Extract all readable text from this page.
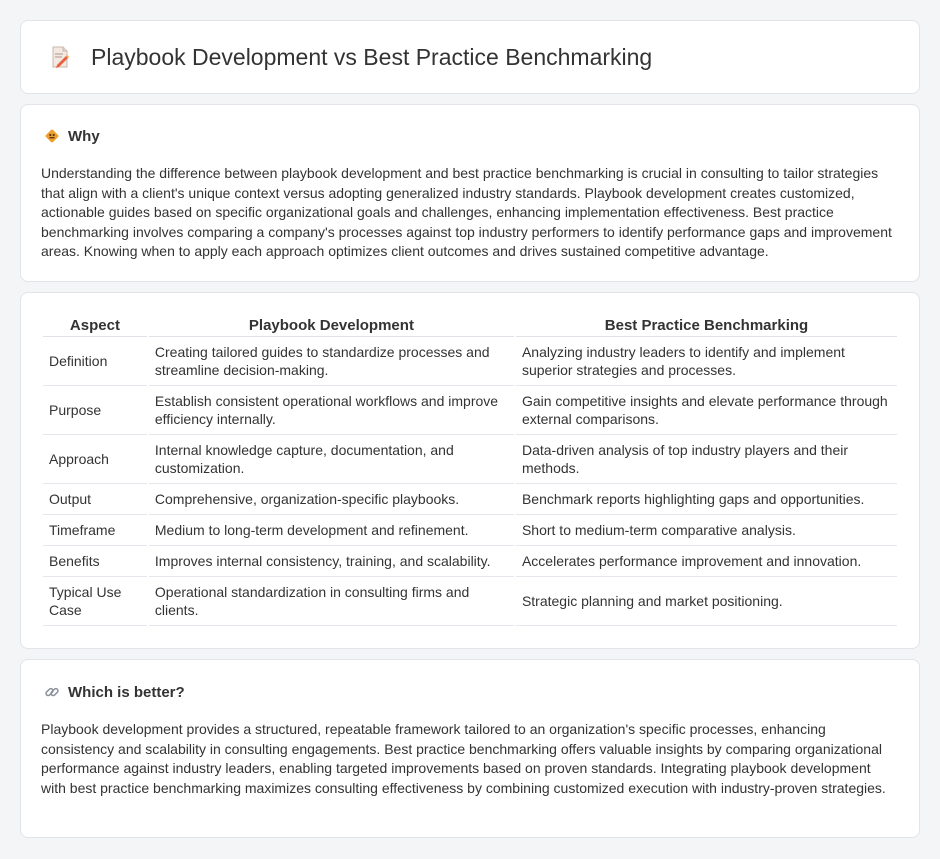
Playbook Development vs Best Practice Benchmarking
Why

Understanding the difference between playbook development and best practice benchmarking is crucial in consulting to tailor strategies that align with a client's unique context versus adopting generalized industry standards. Playbook development creates customized, actionable guides based on specific organizational goals and challenges, enhancing implementation effectiveness. Best practice benchmarking involves comparing a company's processes against top industry performers to identify performance gaps and improvement areas. Knowing when to apply each approach optimizes client outcomes and drives sustained competitive advantage.

Aspect	Playbook Development	Best Practice Benchmarking
Definition	Creating tailored guides to standardize processes and streamline decision-making.	Analyzing industry leaders to identify and implement superior strategies and processes.
Purpose	Establish consistent operational workflows and improve efficiency internally.	Gain competitive insights and elevate performance through external comparisons.
Approach	Internal knowledge capture, documentation, and customization.	Data-driven analysis of top industry players and their methods.
Output	Comprehensive, organization-specific playbooks.	Benchmark reports highlighting gaps and opportunities.
Timeframe	Medium to long-term development and refinement.	Short to medium-term comparative analysis.
Benefits	Improves internal consistency, training, and scalability.	Accelerates performance improvement and innovation.
Typical Use Case	Operational standardization in consulting firms and clients.	Strategic planning and market positioning.
Which is better?

Playbook development provides a structured, repeatable framework tailored to an organization's specific processes, enhancing consistency and scalability in consulting engagements. Best practice benchmarking offers valuable insights by comparing organizational performance against industry leaders, enabling targeted improvements based on proven standards. Integrating playbook development with best practice benchmarking maximizes consulting effectiveness by combining customized execution with industry-proven strategies.
